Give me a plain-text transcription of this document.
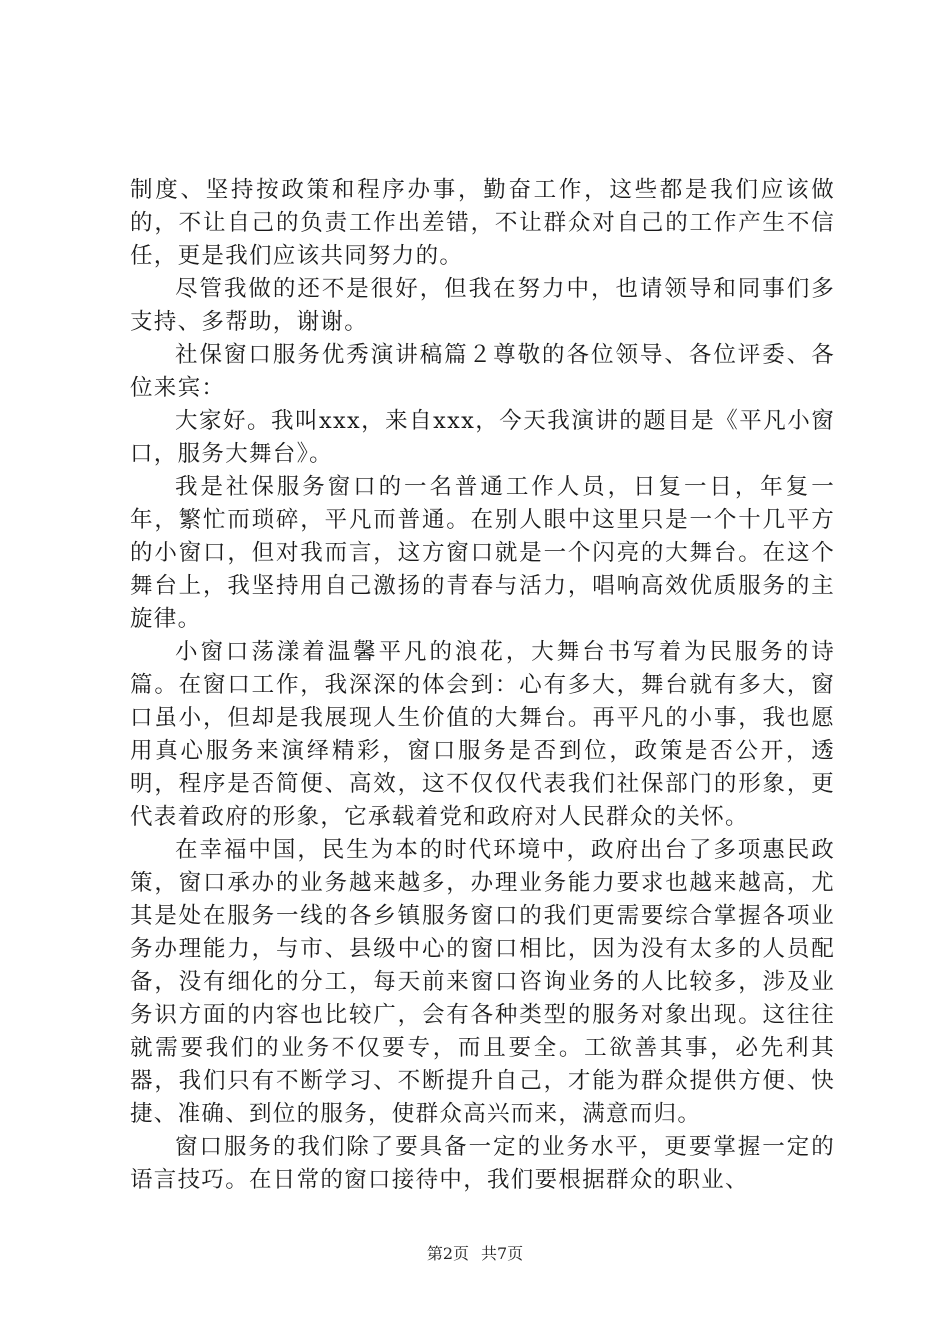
制度、坚持按政策和程序办事，勤奋工作，这些都是我们应该做的，不让自己的负责工作出差错，不让群众对自己的工作产生不信任，更是我们应该共同努力的。

尽管我做的还不是很好，但我在努力中，也请领导和同事们多支持、多帮助，谢谢。

社保窗口服务优秀演讲稿篇２尊敬的各位领导、各位评委、各位来宾：

大家好。我叫xxx，来自xxx，今天我演讲的题目是《平凡小窗口，服务大舞台》。

我是社保服务窗口的一名普通工作人员，日复一日，年复一年，繁忙而琐碎，平凡而普通。在别人眼中这里只是一个十几平方的小窗口，但对我而言，这方窗口就是一个闪亮的大舞台。在这个舞台上，我坚持用自己激扬的青春与活力，唱响高效优质服务的主旋律。

小窗口荡漾着温馨平凡的浪花，大舞台书写着为民服务的诗篇。在窗口工作，我深深的体会到：心有多大，舞台就有多大，窗口虽小，但却是我展现人生价值的大舞台。再平凡的小事，我也愿用真心服务来演绎精彩，窗口服务是否到位，政策是否公开，透明，程序是否简便、高效，这不仅仅代表我们社保部门的形象，更代表着政府的形象，它承载着党和政府对人民群众的关怀。

在幸福中国，民生为本的时代环境中，政府出台了多项惠民政策，窗口承办的业务越来越多，办理业务能力要求也越来越高，尤其是处在服务一线的各乡镇服务窗口的我们更需要综合掌握各项业务办理能力，与市、县级中心的窗口相比，因为没有太多的人员配备，没有细化的分工，每天前来窗口咨询业务的人比较多，涉及业务识方面的内容也比较广，会有各种类型的服务对象出现。这往往就需要我们的业务不仅要专，而且要全。工欲善其事，必先利其器，我们只有不断学习、不断提升自己，才能为群众提供方便、快捷、准确、到位的服务，使群众高兴而来，满意而归。

窗口服务的我们除了要具备一定的业务水平，更要掌握一定的语言技巧。在日常的窗口接待中，我们要根据群众的职业、

第2页 共7页
